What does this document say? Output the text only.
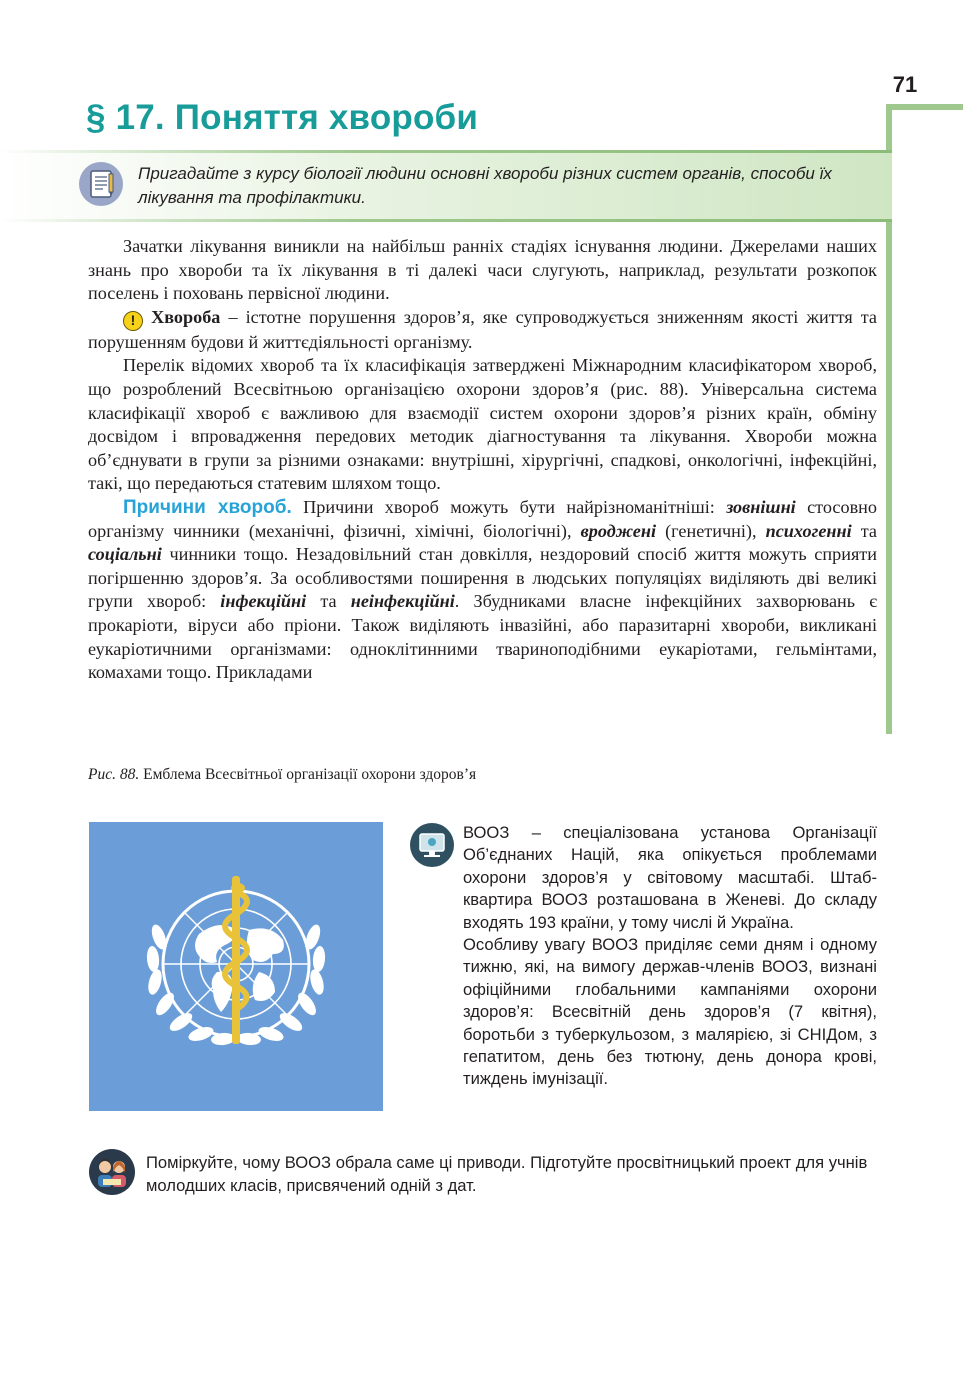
71
§ 17. Поняття хвороби

Пригадайте з курсу біології людини основні хвороби різних систем органів, способи їх лікування та профілактики.

Зачатки лікування виникли на найбільш ранніх стадіях існування людини. Джерелами наших знань про хвороби та їх лікування в ті далекі часи слугують, наприклад, результати розкопок поселень і поховань первісної людини.

! Хвороба – істотне порушення здоров’я, яке супроводжується зниженням якості життя та порушенням будови й життєдіяльності організму.

Перелік відомих хвороб та їх класифікація затверджені Міжнародним класифікатором хвороб, що розроблений Всесвітньою організацією охорони здоров’я (рис. 88). Універсальна система класифікації хвороб є важливою для взаємодії систем охорони здоров’я різних країн, обміну досвідом і впровадження передових методик діагностування та лікування. Хвороби можна об’єднувати в групи за різними ознаками: внутрішні, хірургічні, спадкові, онкологічні, інфекційні, такі, що передаються статевим шляхом тощо.

Причини хвороб. Причини хвороб можуть бути найрізноманітніші: зовнішні стосовно організму чинники (механічні, фізичні, хімічні, біологічні), вроджені (генетичні), психогенні та соціальні чинники тощо. Незадовільний стан довкілля, нездоровий спосіб життя можуть сприяти погіршенню здоров’я. За особливостями поширення в людських популяціях виділяють дві великі групи хвороб: інфекційні та неінфекційні. Збудниками власне інфекційних захворювань є прокаріоти, віруси або пріони. Також виділяють інвазійні, або паразитарні хвороби, викликані еукаріотичними організмами: одноклітинними твариноподібними еукаріотами, гельмінтами, комахами тощо. Прикладами

Рис. 88. Емблема Всесвітньої організації охорони здоров’я

ВООЗ – спеціалізована установа Організації Об’єднаних Націй, яка опікується проблемами охорони здоров’я у світовому масштабі. Штаб-квартира ВООЗ розташована в Женеві. До складу входять 193 країни, у тому числі й Україна.

Особливу увагу ВООЗ приділяє семи дням і одному тижню, які, на вимогу держав-членів ВООЗ, визнані офіційними глобальними кампаніями охорони здоров’я: Всесвітній день здоров’я (7 квітня), боротьби з туберкульозом, з малярією, зі СНІДом, з гепатитом, день без тютюну, день донора крові, тиждень імунізації.

Поміркуйте, чому ВООЗ обрала саме ці приводи. Підготуйте просвітницький проект для учнів молодших класів, присвячений одній з дат.
